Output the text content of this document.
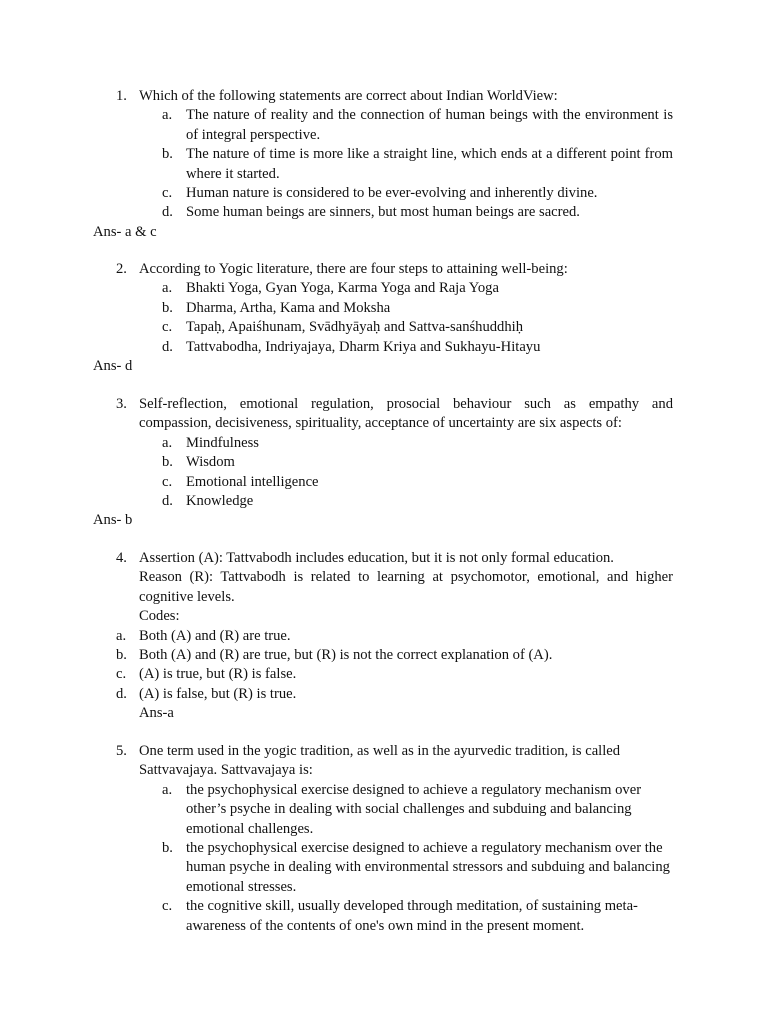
1. Which of the following statements are correct about Indian WorldView:
a. The nature of reality and the connection of human beings with the environment is of integral perspective.
b. The nature of time is more like a straight line, which ends at a different point from where it started.
c. Human nature is considered to be ever-evolving and inherently divine.
d. Some human beings are sinners, but most human beings are sacred.
Ans- a & c
2. According to Yogic literature, there are four steps to attaining well-being:
a. Bhakti Yoga, Gyan Yoga, Karma Yoga and Raja Yoga
b. Dharma, Artha, Kama and Moksha
c. Tapaḥ, Apaiśhunam, Svādhyāyaḥ and Sattva-sanśhuddhiḥ
d. Tattvabodha, Indriyajaya, Dharm Kriya and Sukhayu-Hitayu
Ans- d
3. Self-reflection, emotional regulation, prosocial behaviour such as empathy and compassion, decisiveness, spirituality, acceptance of uncertainty are six aspects of:
a. Mindfulness
b. Wisdom
c. Emotional intelligence
d. Knowledge
Ans- b
4. Assertion (A): Tattvabodh includes education, but it is not only formal education.
Reason (R): Tattvabodh is related to learning at psychomotor, emotional, and higher cognitive levels.
Codes:
a. Both (A) and (R) are true.
b. Both (A) and (R) are true, but (R) is not the correct explanation of (A).
c. (A) is true, but (R) is false.
d. (A) is false, but (R) is true.
Ans-a
5. One term used in the yogic tradition, as well as in the ayurvedic tradition, is called Sattvavajaya. Sattvavajaya is:
a. the psychophysical exercise designed to achieve a regulatory mechanism over other’s psyche in dealing with social challenges and subduing and balancing emotional challenges.
b. the psychophysical exercise designed to achieve a regulatory mechanism over the human psyche in dealing with environmental stressors and subduing and balancing emotional stresses.
c. the cognitive skill, usually developed through meditation, of sustaining meta-awareness of the contents of one's own mind in the present moment.
